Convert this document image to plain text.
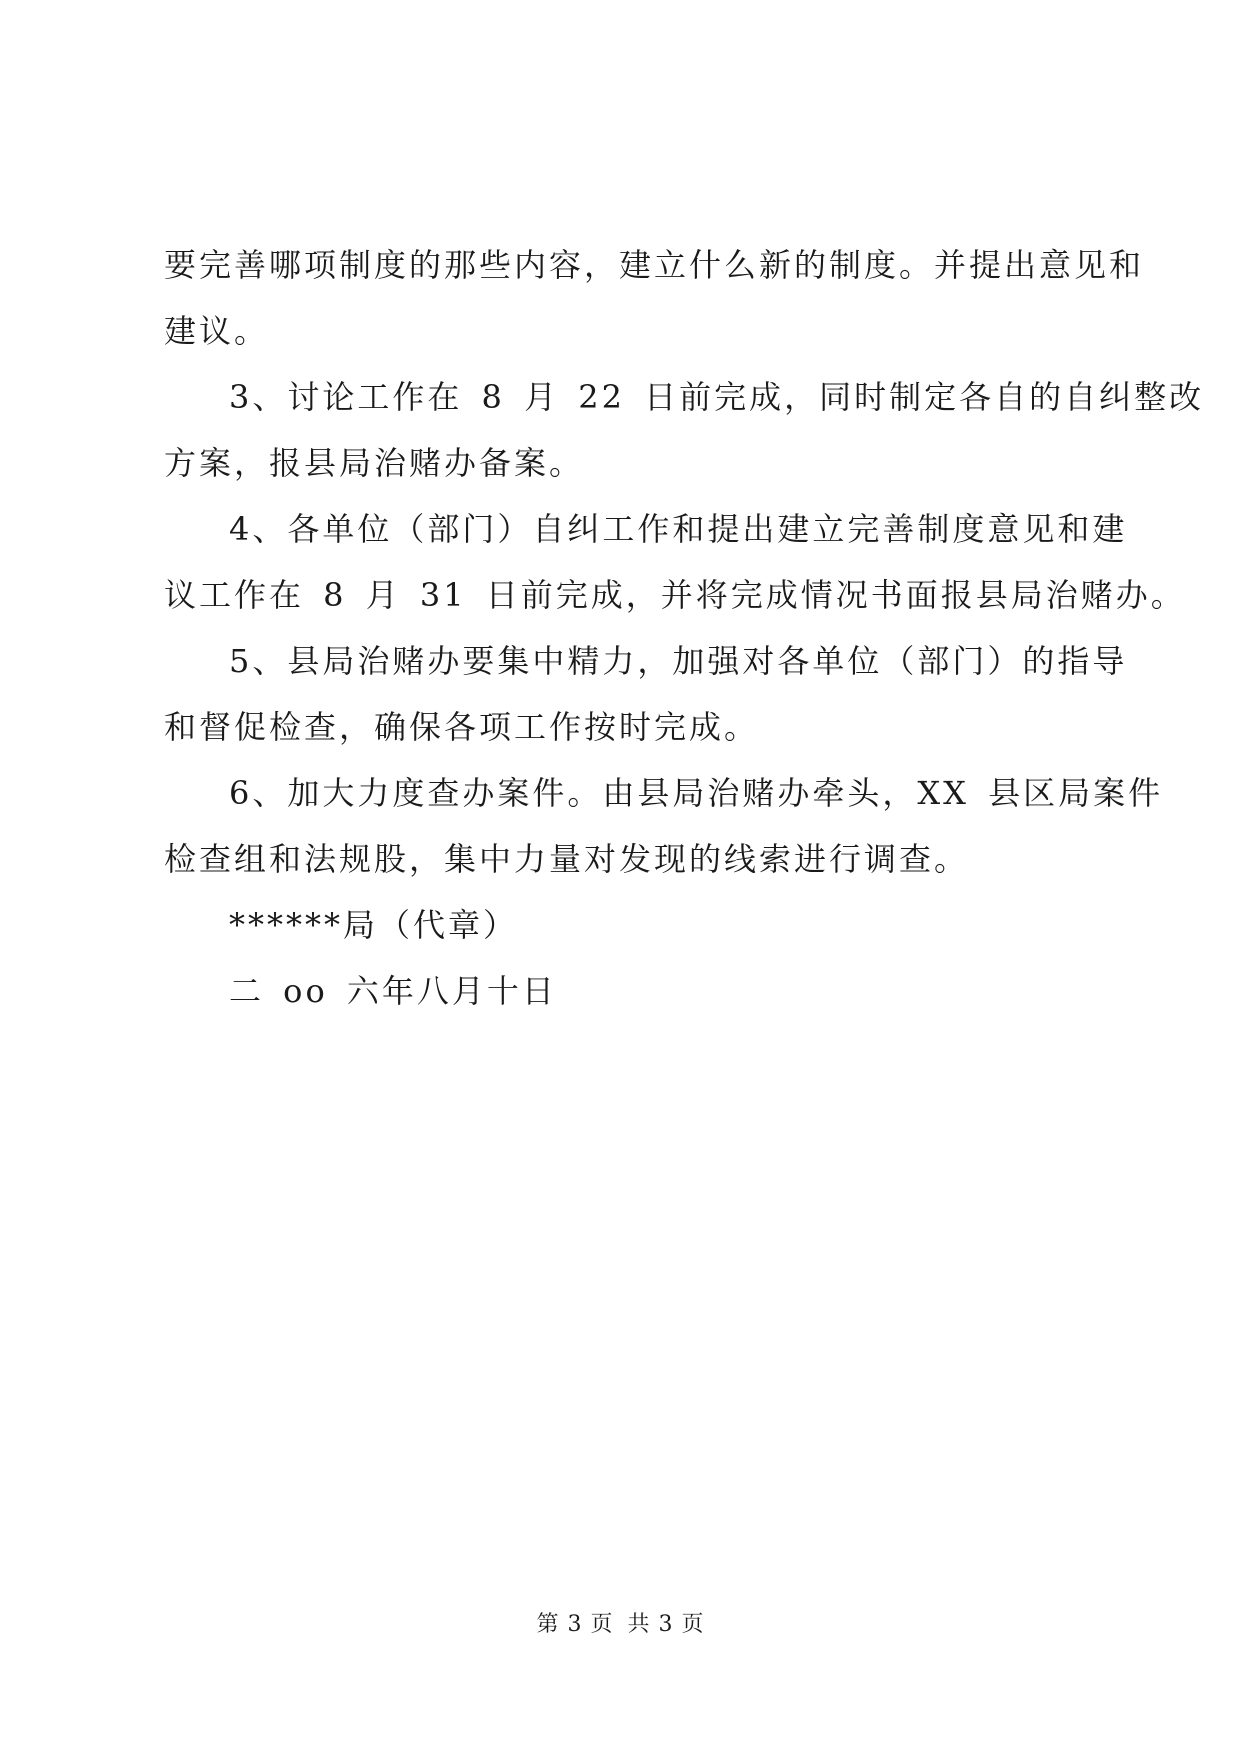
要完善哪项制度的那些内容，建立什么新的制度。并提出意见和
建议。
3、讨论工作在 8 月 22 日前完成，同时制定各自的自纠整改
方案，报县局治赌办备案。
4、各单位（部门）自纠工作和提出建立完善制度意见和建
议工作在 8 月 31 日前完成，并将完成情况书面报县局治赌办。
5、县局治赌办要集中精力，加强对各单位（部门）的指导
和督促检查，确保各项工作按时完成。
6、加大力度查办案件。由县局治赌办牵头，XX 县区局案件
检查组和法规股，集中力量对发现的线索进行调查。
******局（代章）
二 oo 六年八月十日
第 3 页 共 3 页
